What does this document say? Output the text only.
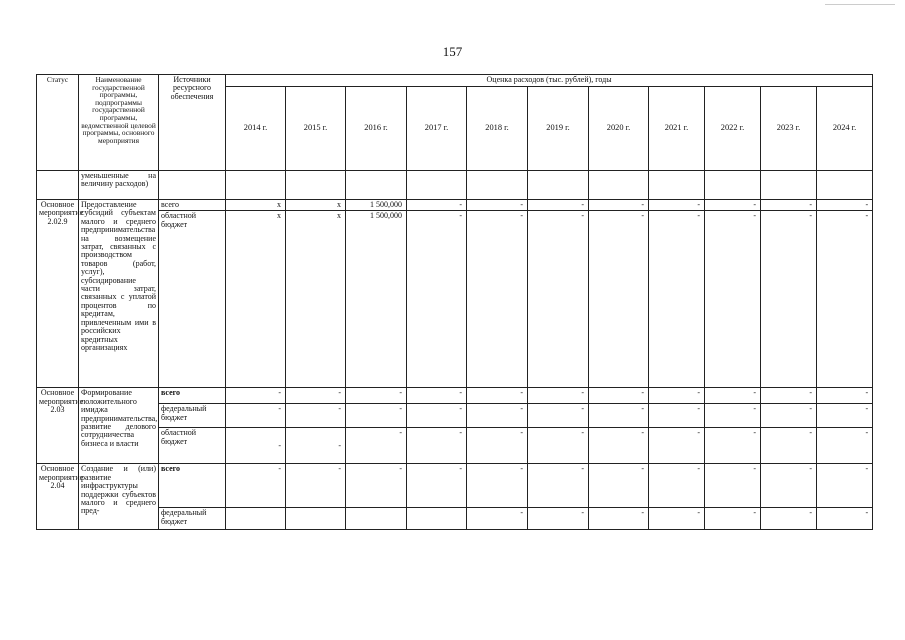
157
Статус	Наименование государственной программы, подпрограммы государственной программы, ведомственной целевой программы, основного мероприятия	Источники ресурсного обеспечения	Оценка расходов (тыс. рублей), годы										
			2014 г.	2015 г.	2016 г.	2017 г.	2018 г.	2019 г.	2020 г.	2021 г.	2022 г.	2023 г.	2024 г.
	уменьшенные на величину расходов)												
Основное мероприятие 2.02.9	Предоставление субсидий субъектам малого и среднего предпринимательства на возмещение затрат, связанных с производством товаров (работ, услуг), субсидирование части затрат, связанных с уплатой процентов по кредитам, привлеченным ими в российских кредитных организациях	всего	х	х	1 500,000	-	-	-	-	-	-	-	-
		областной бюджет	х	х	1 500,000	-	-	-	-	-	-	-	-
Основное мероприятие 2.03	Формирование положительного имиджа предпринимательства, развитие делового сотрудничества бизнеса и власти	всего	-	-	-	-	-	-	-	-	-	-	-
		федеральный бюджет	-	-	-	-	-	-	-	-	-	-	-
		областной бюджет	-	-	-	-	-	-	-	-	-	-	-
Основное мероприятие 2.04	Создание и (или) развитие инфраструктуры поддержки субъектов малого и среднего пред-	всего	-	-	-	-	-	-	-	-	-	-	-
		федеральный бюджет					-	-	-	-	-	-	-
